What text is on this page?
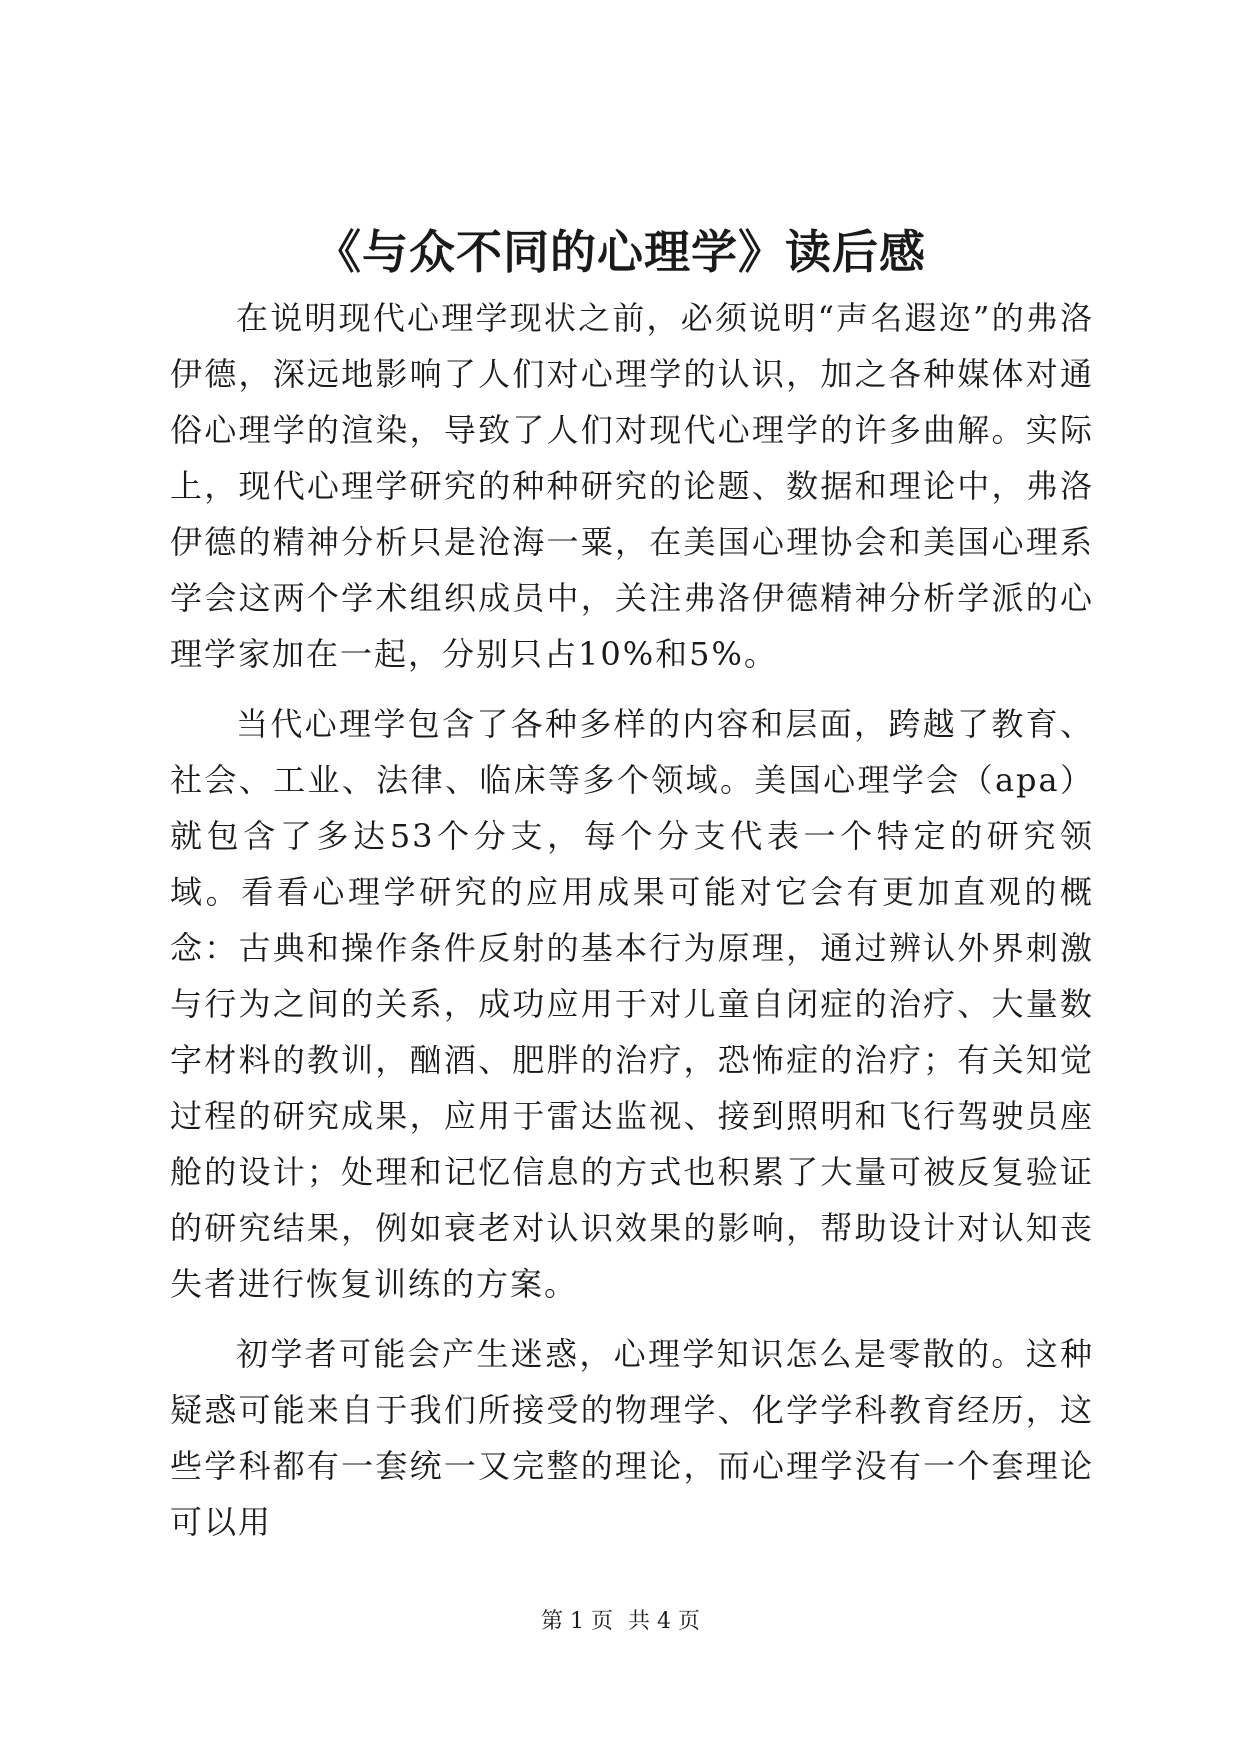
《与众不同的心理学》读后感

在说明现代心理学现状之前，必须说明“声名遐迩”的弗洛伊德，深远地影响了人们对心理学的认识，加之各种媒体对通俗心理学的渲染，导致了人们对现代心理学的许多曲解。实际上，现代心理学研究的种种研究的论题、数据和理论中，弗洛伊德的精神分析只是沧海一粟，在美国心理协会和美国心理系学会这两个学术组织成员中，关注弗洛伊德精神分析学派的心理学家加在一起，分别只占10%和5%。

当代心理学包含了各种多样的内容和层面，跨越了教育、社会、工业、法律、临床等多个领域。美国心理学会（apa）就包含了多达53个分支，每个分支代表一个特定的研究领域。看看心理学研究的应用成果可能对它会有更加直观的概念：古典和操作条件反射的基本行为原理，通过辨认外界刺激与行为之间的关系，成功应用于对儿童自闭症的治疗、大量数字材料的教训，酗酒、肥胖的治疗，恐怖症的治疗；有关知觉过程的研究成果，应用于雷达监视、接到照明和飞行驾驶员座舱的设计；处理和记忆信息的方式也积累了大量可被反复验证的研究结果，例如衰老对认识效果的影响，帮助设计对认知丧失者进行恢复训练的方案。

初学者可能会产生迷惑，心理学知识怎么是零散的。这种疑惑可能来自于我们所接受的物理学、化学学科教育经历，这些学科都有一套统一又完整的理论，而心理学没有一个套理论可以用

第 1 页 共 4 页
